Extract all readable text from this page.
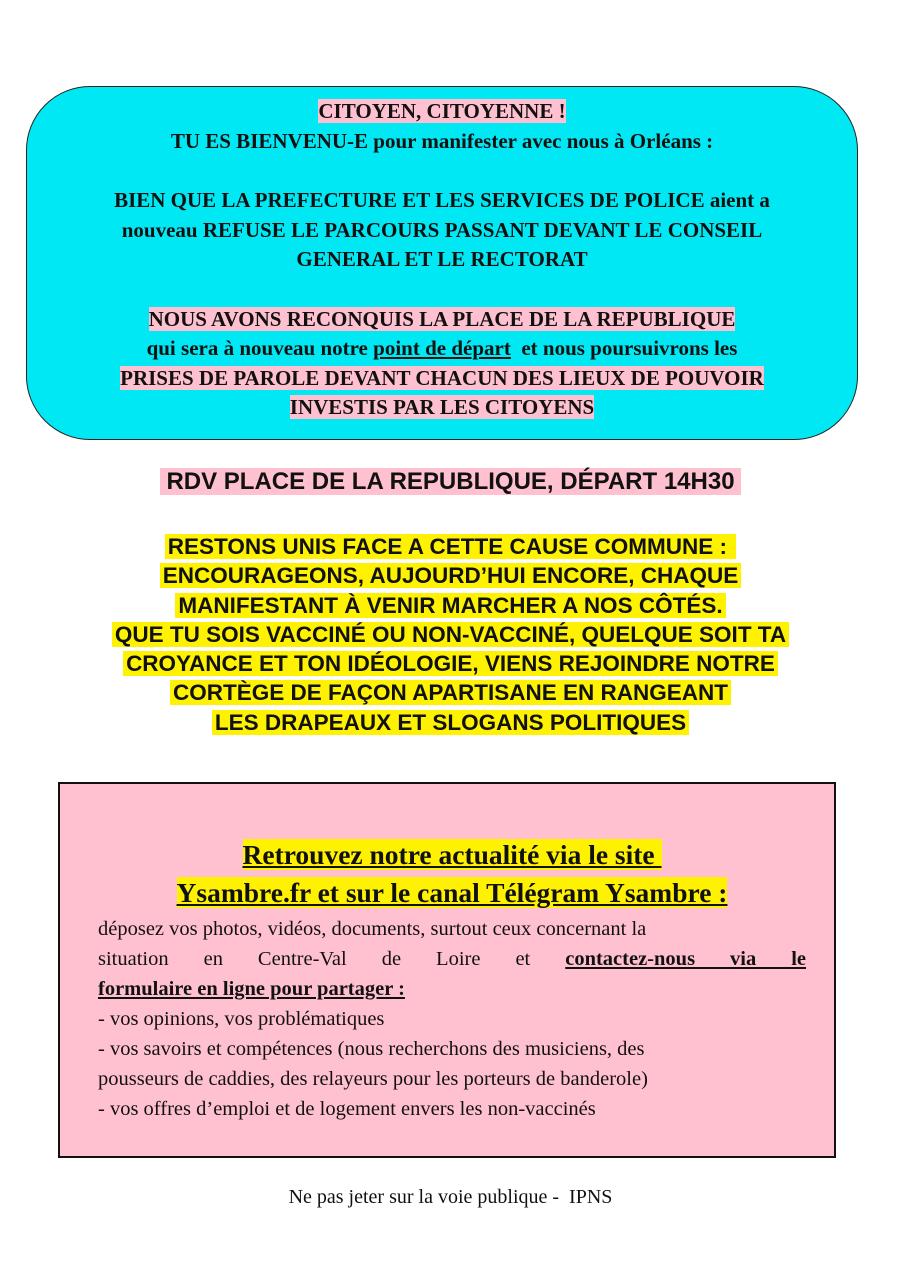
CITOYEN, CITOYENNE !

TU ES BIENVENU-E pour manifester avec nous à Orléans :

BIEN QUE LA PREFECTURE ET LES SERVICES DE POLICE aient a

nouveau REFUSE LE PARCOURS PASSANT DEVANT LE CONSEIL

GENERAL ET LE RECTORAT

NOUS AVONS RECONQUIS LA PLACE DE LA REPUBLIQUE

qui sera à nouveau notre point de départ  et nous poursuivrons les

PRISES DE PAROLE DEVANT CHACUN DES LIEUX DE POUVOIR

INVESTIS PAR LES CITOYENS

RDV PLACE DE LA REPUBLIQUE, DÉPART 14H30
RESTONS UNIS FACE A CETTE CAUSE COMMUNE :
ENCOURAGEONS, AUJOURD’HUI ENCORE, CHAQUE
MANIFESTANT À VENIR MARCHER A NOS CÔTÉS.
QUE TU SOIS VACCINÉ OU NON-VACCINÉ, QUELQUE SOIT TA
CROYANCE ET TON IDÉOLOGIE, VIENS REJOINDRE NOTRE
CORTÈGE DE FAÇON APARTISANE EN RANGEANT
LES DRAPEAUX ET SLOGANS POLITIQUES
Retrouvez notre actualité via le site
Ysambre.fr et sur le canal Télégram Ysambre :
déposez vos photos, vidéos, documents, surtout ceux concernant la
situation en Centre-Val de Loire et contactez-nous via le
formulaire en ligne pour partager :
- vos opinions, vos problématiques
- vos savoirs et compétences (nous recherchons des musiciens, des
pousseurs de caddies, des relayeurs pour les porteurs de banderole)
- vos offres d’emploi et de logement envers les non-vaccinés
Ne pas jeter sur la voie publique -  IPNS
